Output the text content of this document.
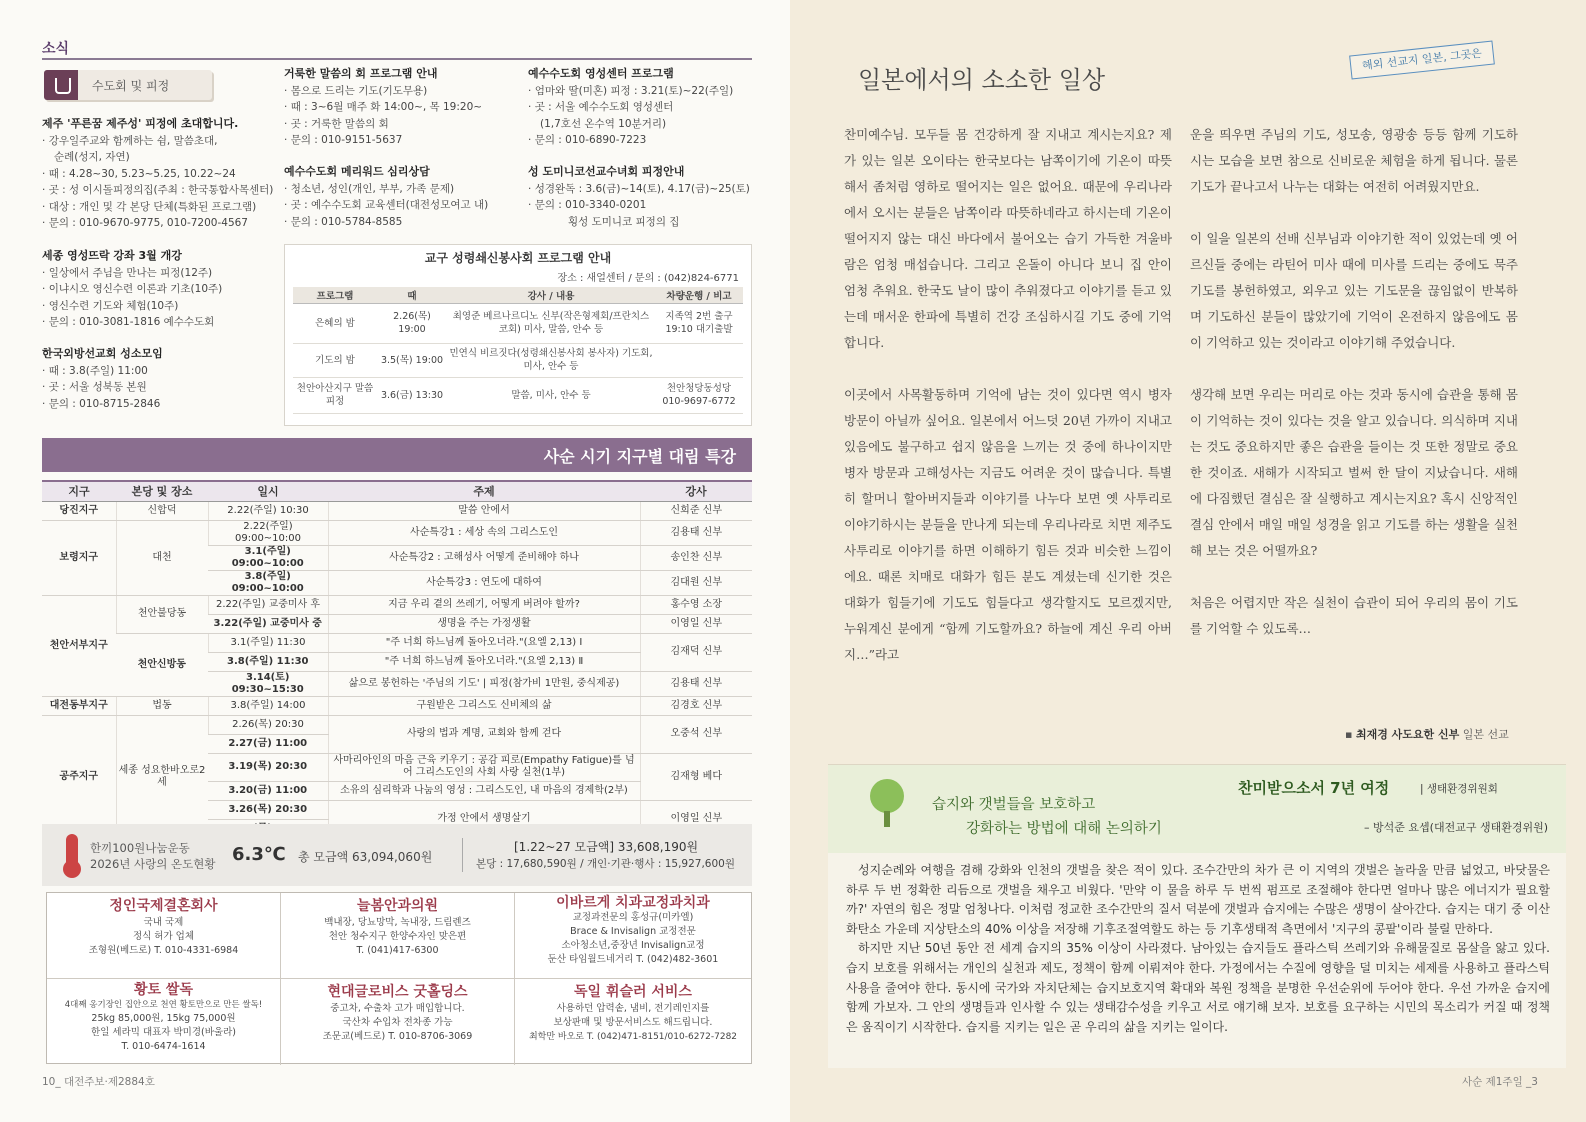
소식
수도회 및 피정
제주 '푸른꿈 제주성' 피정에 초대합니다.
· 강우일주교와 함께하는 쉼, 말씀초대,
순례(성지, 자연)
· 때 : 4.28~30, 5.23~5.25, 10.22~24
· 곳 : 성 이시돌피정의집(주최 : 한국통합사목센터)
· 대상 : 개인 및 각 본당 단체(특화된 프로그램)
· 문의 : 010-9670-9775, 010-7200-4567
세종 영성뜨락 강좌 3월 개강
· 일상에서 주님을 만나는 피정(12주)
· 이냐시오 영신수련 이론과 기초(10주)
· 영신수련 기도와 체험(10주)
· 문의 : 010-3081-1816 예수수도회
한국외방선교회 성소모임
· 때 : 3.8(주일) 11:00
· 곳 : 서울 성북동 본원
· 문의 : 010-8715-2846
거룩한 말씀의 회 프로그램 안내
· 몸으로 드리는 기도(기도무용)
· 때 : 3~6월 매주 화 14:00~, 목 19:20~
· 곳 : 거룩한 말씀의 회
· 문의 : 010-9151-5637
예수수도회 메리워드 심리상담
· 청소년, 성인(개인, 부부, 가족 문제)
· 곳 : 예수수도회 교육센터(대전성모여고 내)
· 문의 : 010-5784-8585
예수수도회 영성센터 프로그램
· 엄마와 딸(미혼) 피정 : 3.21(토)~22(주일)
· 곳 : 서울 예수수도회 영성센터
(1,7호선 온수역 10분거리)
· 문의 : 010-6890-7223
성 도미니코선교수녀회 피정안내
· 성경완독 : 3.6(금)~14(토), 4.17(금)~25(토)
· 문의 : 010-3340-0201
횡성 도미니코 피정의 집
교구 성령쇄신봉사회 프로그램 안내
장소 : 새얼센터 / 문의 : (042)824-6771
프로그램	때	강사 / 내용	차량운행 / 비고
은혜의 밤	2.26(목) 19:00	최영준 베르나르디노 신부(작은형제회/프란치스코회) 미사, 말씀, 안수 등	지족역 2번 출구 19:10 대기출발
기도의 밤	3.5(목) 19:00	민연식 비르짓다(성령쇄신봉사회 봉사자) 기도회, 미사, 안수 등	
천안아산지구 말씀피정	3.6(금) 13:30	말씀, 미사, 안수 등	천안청당동성당 010-9697-6772
사순 시기 지구별 대림 특강
지구	본당 및 장소	일시	주제	강사
당진지구	신합덕	2.22(주일) 10:30	말씀 안에서	신희준 신부
보령지구	대천	2.22(주일) 09:00~10:00	사순특강1 : 세상 속의 그리스도인	김용태 신부
		3.1(주일) 09:00~10:00	사순특강2 : 고해성사 어떻게 준비해야 하나	송인찬 신부
		3.8(주일) 09:00~10:00	사순특강3 : 연도에 대하여	김대원 신부
천안서부지구	천안불당동	2.22(주일) 교중미사 후	지금 우리 곁의 쓰레기, 어떻게 버려야 할까?	홍수영 소장
		3.22(주일) 교중미사 중	생명을 주는 가정생활	이영일 신부
	천안신방동	3.1(주일) 11:30	"주 너희 하느님께 돌아오너라."(요엘 2,13) Ⅰ	김재덕 신부
		3.8(주일) 11:30	"주 너희 하느님께 돌아오너라."(요엘 2,13) Ⅱ	
		3.14(토) 09:30~15:30	삶으로 봉헌하는 '주님의 기도' | 피정(참가비 1만원, 중식제공)	김용태 신부
대전동부지구	법동	3.8(주일) 14:00	구원받은 그리스도 신비체의 삶	김경호 신부
공주지구	세종 성요한바오로2세	2.26(목) 20:30	사랑의 법과 계명, 교회와 함께 걷다	오중석 신부
		2.27(금) 11:00		
		3.19(목) 20:30	사마리아인의 마음 근육 키우기 : 공감 피로(Empathy Fatigue)를 넘어 그리스도인의 사회 사랑 실천(1부)	김재형 베다
		3.20(금) 11:00	소유의 심리학과 나눔의 영성 : 그리스도인, 내 마음의 경제학(2부)	
		3.26(목) 20:30	가정 안에서 생명살기	이영일 신부

한끼100원나눔운동
2026년 사랑의 온도현황 6.3℃ 총 모금액 63,094,060원
[1.22~27 모금액] 33,608,190원
본당 : 17,680,590원 / 개인·기관·행사 : 15,927,600원
정인국제결혼회사
국내 국제
정식 허가 업체
조형원(베드로) T. 010-4331-6984
늘봄안과의원
백내장, 당뇨망막, 녹내장, 드림렌즈
천안 청수지구 한양수자인 맞은편
T. (041)417-6300
이바르게 치과교정과치과
교정과전문의 홍성규(미카엘)
Brace & Invisalign 교정전문
소아청소년,중장년 Invisalign교정
둔산 타임월드네거리 T. (042)482-3601
황토 쌀독
4대째 옹기장인 집안으로 천연 황토만으로 만든 쌀독!
25kg 85,000원, 15kg 75,000원
한일 세라믹 대표자 박미경(바울라)
T. 010-6474-1614
현대글로비스 굿홀딩스
중고차, 수출차 고가 매입합니다.
국산차 수입차 전차종 가능
조문교(베드로) T. 010-8706-3069
독일 휘슬러 서비스
사용하던 압력솥, 냄비, 전기레인지를
보상판매 및 방문서비스도 해드립니다.
최학만 바오로 T. (042)471-8151/010-6272-7282
10_ 대전주보·제2884호
일본에서의 소소한 일상
해외 선교지 일본, 그곳은

찬미예수님. 모두들 몸 건강하게 잘 지내고 계시는지요? 제가 있는 일본 오이타는 한국보다는 남쪽이기에 기온이 따뜻해서 좀처럼 영하로 떨어지는 일은 없어요. 때문에 우리나라에서 오시는 분들은 남쪽이라 따뜻하네라고 하시는데 기온이 떨어지지 않는 대신 바다에서 불어오는 습기 가득한 겨울바람은 엄청 매섭습니다. 그리고 온돌이 아니다 보니 집 안이 엄청 추워요. 한국도 날이 많이 추워졌다고 이야기를 듣고 있는데 매서운 한파에 특별히 건강 조심하시길 기도 중에 기억합니다.

이곳에서 사목활동하며 기억에 남는 것이 있다면 역시 병자 방문이 아닐까 싶어요. 일본에서 어느덧 20년 가까이 지내고 있음에도 불구하고 쉽지 않음을 느끼는 것 중에 하나이지만 병자 방문과 고해성사는 지금도 어려운 것이 많습니다. 특별히 할머니 할아버지들과 이야기를 나누다 보면 옛 사투리로 이야기하시는 분들을 만나게 되는데 우리나라로 치면 제주도 사투리로 이야기를 하면 이해하기 힘든 것과 비슷한 느낌이에요. 때론 치매로 대화가 힘든 분도 계셨는데 신기한 것은 대화가 힘들기에 기도도 힘들다고 생각할지도 모르겠지만, 누워계신 분에게 “함께 기도할까요? 하늘에 계신 우리 아버지…”라고

운을 띄우면 주님의 기도, 성모송, 영광송 등등 함께 기도하시는 모습을 보면 참으로 신비로운 체험을 하게 됩니다. 물론 기도가 끝나고서 나누는 대화는 여전히 어려웠지만요.

이 일을 일본의 선배 신부님과 이야기한 적이 있었는데 옛 어르신들 중에는 라틴어 미사 때에 미사를 드리는 중에도 묵주기도를 봉헌하였고, 외우고 있는 기도문을 끊임없이 반복하며 기도하신 분들이 많았기에 기억이 온전하지 않음에도 몸이 기억하고 있는 것이라고 이야기해 주었습니다.

생각해 보면 우리는 머리로 아는 것과 동시에 습관을 통해 몸이 기억하는 것이 있다는 것을 알고 있습니다. 의식하며 지내는 것도 중요하지만 좋은 습관을 들이는 것 또한 정말로 중요한 것이죠. 새해가 시작되고 벌써 한 달이 지났습니다. 새해에 다짐했던 결심은 잘 실행하고 계시는지요? 혹시 신앙적인 결심 안에서 매일 매일 성경을 읽고 기도를 하는 생활을 실천해 보는 것은 어떨까요?

처음은 어렵지만 작은 실천이 습관이 되어 우리의 몸이 기도를 기억할 수 있도록…

▪ 최재경 사도요한 신부 일본 선교
습지와 갯벌들을 보호하고
강화하는 방법에 대해 논의하기
찬미받으소서 7년 여정	| 생태환경위원회
– 방석준 요셉(대전교구 생태환경위원)

성지순례와 여행을 겸해 강화와 인천의 갯벌을 찾은 적이 있다. 조수간만의 차가 큰 이 지역의 갯벌은 놀라울 만큼 넓었고, 바닷물은 하루 두 번 정확한 리듬으로 갯벌을 채우고 비웠다. '만약 이 물을 하루 두 번씩 펌프로 조절해야 한다면 얼마나 많은 에너지가 필요할까?' 자연의 힘은 정말 엄청나다. 이처럼 정교한 조수간만의 질서 덕분에 갯벌과 습지에는 수많은 생명이 살아간다. 습지는 대기 중 이산화탄소 가운데 지상탄소의 40% 이상을 저장해 기후조절역할도 하는 등 기후생태적 측면에서 '지구의 콩팥'이라 불릴 만하다.

하지만 지난 50년 동안 전 세계 습지의 35% 이상이 사라졌다. 남아있는 습지들도 플라스틱 쓰레기와 유해물질로 몸살을 앓고 있다. 습지 보호를 위해서는 개인의 실천과 제도, 정책이 함께 이뤄져야 한다. 가정에서는 수질에 영향을 덜 미치는 세제를 사용하고 플라스틱 사용을 줄여야 한다. 동시에 국가와 자치단체는 습지보호지역 확대와 복원 정책을 분명한 우선순위에 두어야 한다. 우선 가까운 습지에 함께 가보자. 그 안의 생명들과 인사할 수 있는 생태감수성을 키우고 서로 얘기해 보자. 보호를 요구하는 시민의 목소리가 커질 때 정책은 움직이기 시작한다. 습지를 지키는 일은 곧 우리의 삶을 지키는 일이다.

사순 제1주일 _3
